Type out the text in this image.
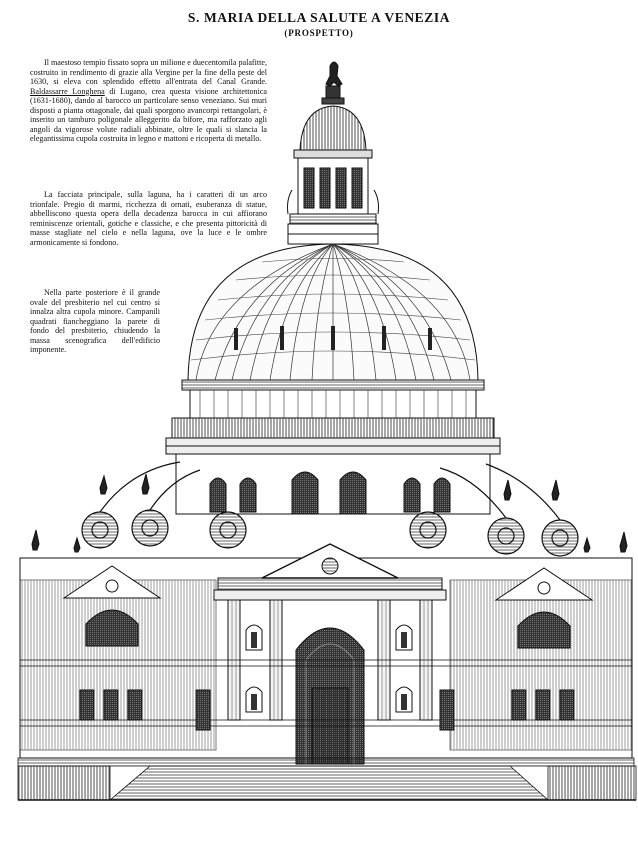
S. MARIA DELLA SALUTE A VENEZIA
(PROSPETTO)

Il maestoso tempio fissato sopra un milione e duecentomila palafitte, costruito in rendimento di grazie alla Vergine per la fine della peste del 1630, si eleva con splendido effetto all'entrata del Canal Grande. Baldassarre Longhena di Lugano, crea questa visione architettonica (1631-1680), dando al barocco un particolare senso veneziano. Sui muri disposti a pianta ottagonale, dai quali sporgono avancorpi rettangolari, è inserito un tamburo poligonale alleggerito da bifore, ma rafforzato agli angoli da vigorose volute radiali abbinate, oltre le quali si slancia la elegantissima cupola costruita in legno e mattoni e ricoperta di metallo.

La facciata principale, sulla laguna, ha i caratteri di un arco trionfale. Pregio di marmi, ricchezza di ornati, esuberanza di statue, abbelliscono questa opera della decadenza barocca in cui affiorano reminiscenze orientali, gotiche e classiche, e che presenta pittoricità di masse stagliate nel cielo e nella laguna, ove la luce e le ombre armonicamente si fondono.

Nella parte posteriore è il grande ovale del presbiterio nel cui centro si innalza altra cupola minore. Campanili quadrati fiancheggiano la parete di fondo del presbiterio, chiudendo la massa scenografica dell'edificio imponente.
